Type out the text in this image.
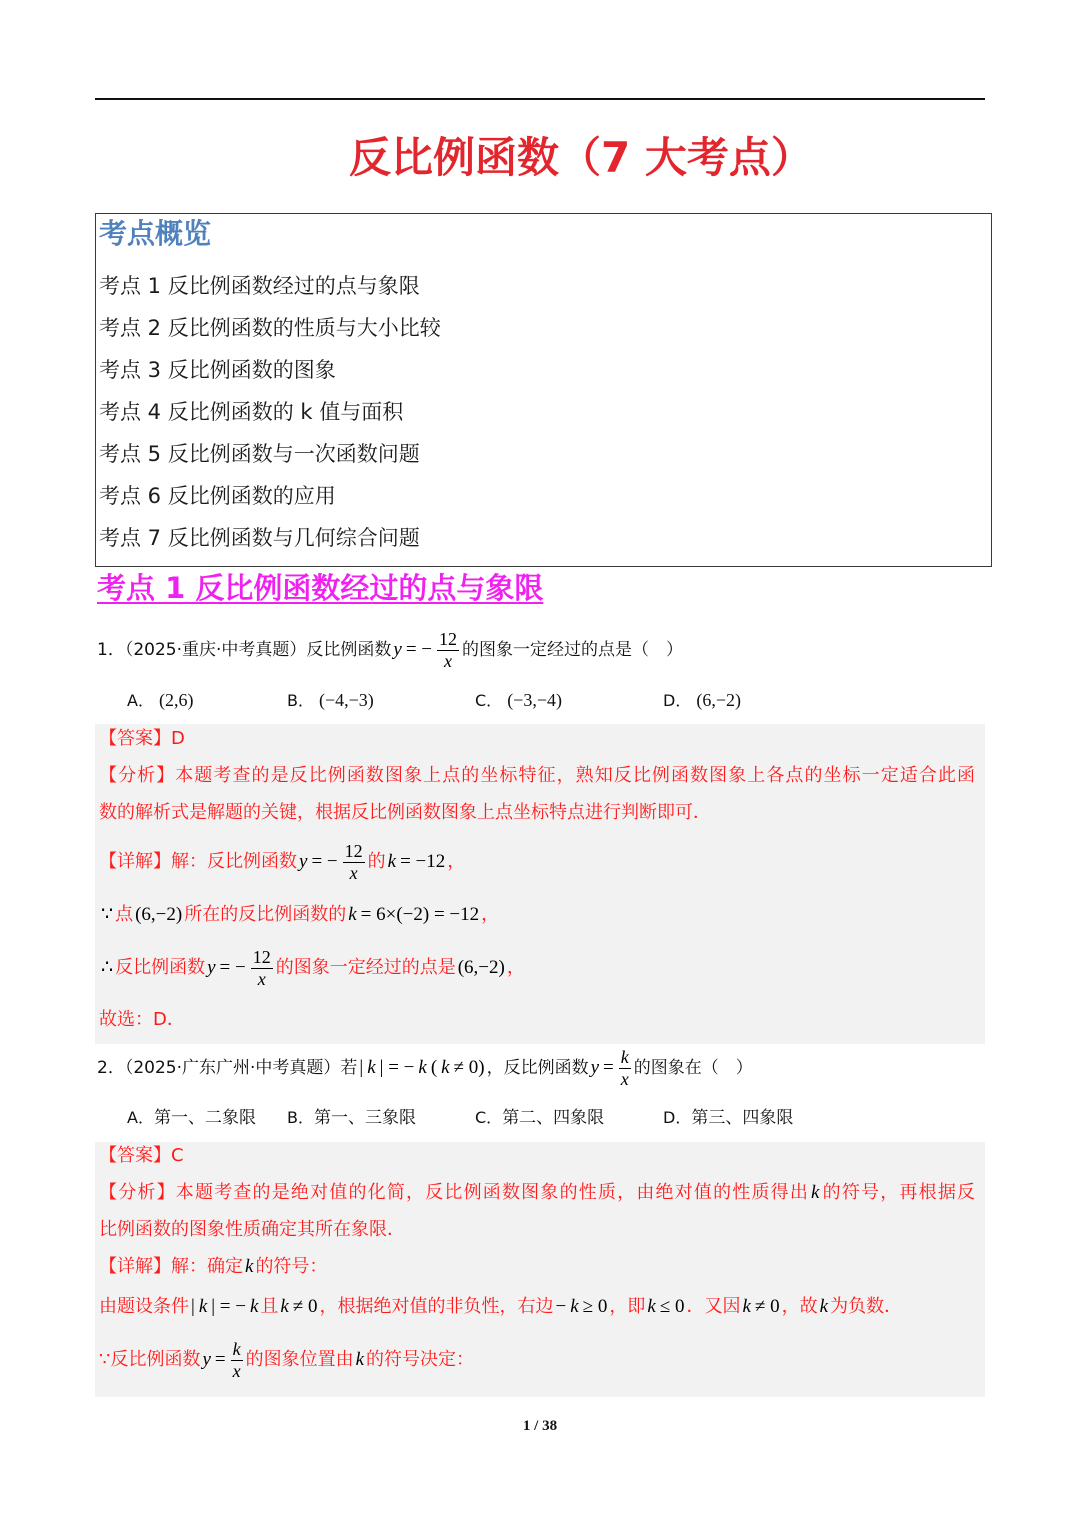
反比例函数（7 大考点）
考点概览
考点 1 反比例函数经过的点与象限
考点 2 反比例函数的性质与大小比较
考点 3 反比例函数的图象
考点 4 反比例函数的 k 值与面积
考点 5 反比例函数与一次函数问题
考点 6 反比例函数的应用
考点 7 反比例函数与几何综合问题
考点 1 反比例函数经过的点与象限
1．（2025·重庆·中考真题）反比例函数 y = − $\frac{12}{x}$ 的图象一定经过的点是（　）
A． (2,6)	B． (−4,−3)	C． (−3,−4)	D． (6,−2)
【答案】D
【分析】本题考查的是反比例函数图象上点的坐标特征，熟知反比例函数图象上各点的坐标一定适合此函
数的解析式是解题的关键，根据反比例函数图象上点坐标特点进行判断即可．
【详解】解：反比例函数 y = − $\frac{12}{x}$ 的 k = −12 ，
∵ 点 (6,−2) 所在的反比例函数的 k = 6×(−2) = −12 ，
∴ 反比例函数 y = − $\frac{12}{x}$ 的图象一定经过的点是 (6,−2) ，
故选：D．
2．（2025·广东广州·中考真题）若 | k | = − k ( k ≠ 0) ，反比例函数 $y = \frac{k}{x}$ 的图象在（　）
A．第一、二象限 B．第一、三象限	C．第二、四象限	D．第三、四象限
【答案】C
【分析】本题考查的是绝对值的化简，反比例函数图象的性质，由绝对值的性质得出 k 的符号，再根据反
比例函数的图象性质确定其所在象限．
【详解】解：确定 k 的符号：
由题设条件 | k | = − k 且 k ≠ 0 ，根据绝对值的非负性，右边 − k ≥ 0 ，即 k ≤ 0 ．又因 k ≠ 0 ，故 k 为负数．
∵反比例函数 $y = \frac{k}{x}$ 的图象位置由 k 的符号决定：
1 / 38
